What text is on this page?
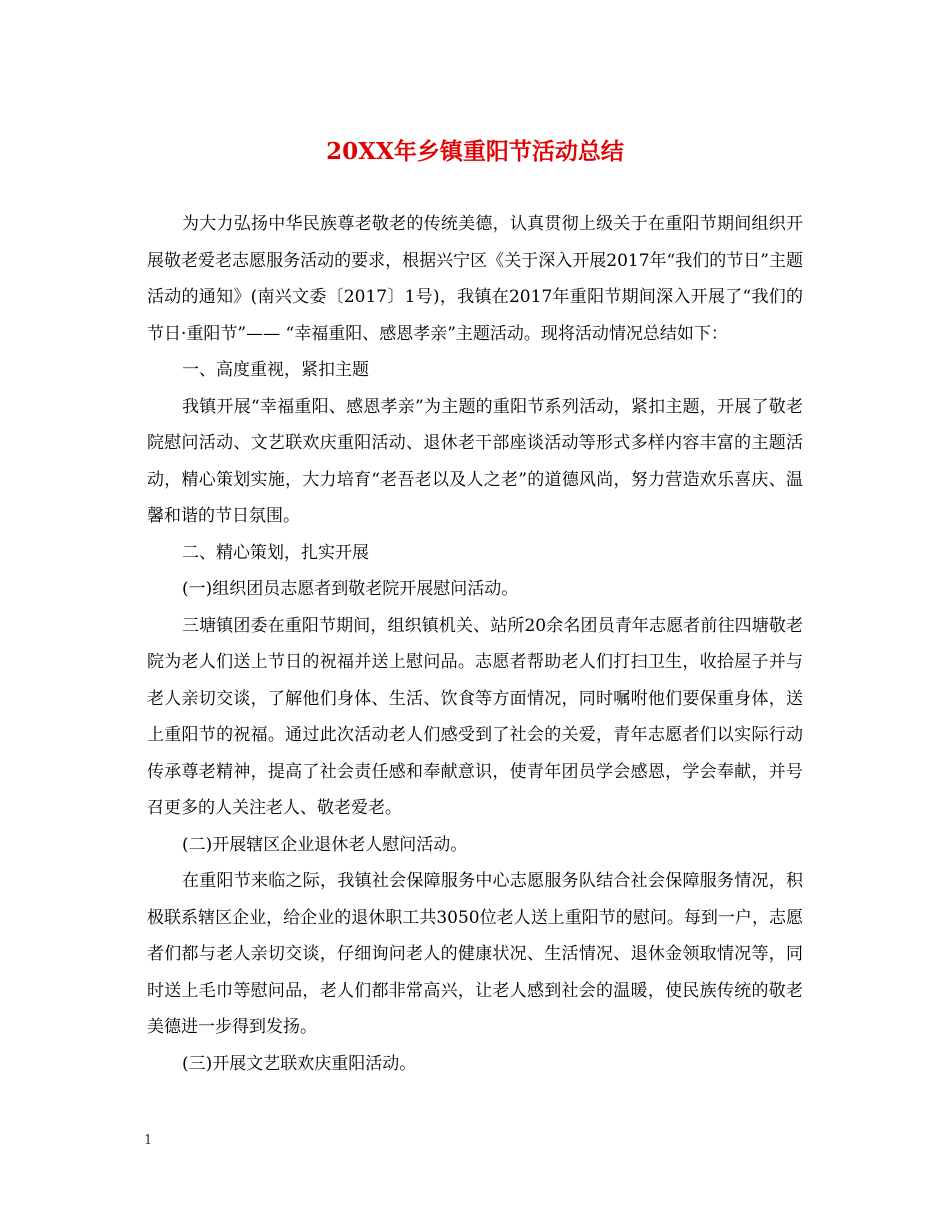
20XX年乡镇重阳节活动总结

为大力弘扬中华民族尊老敬老的传统美德，认真贯彻上级关于在重阳节期间组织开展敬老爱老志愿服务活动的要求，根据兴宁区《关于深入开展2017年“我们的节日”主题活动的通知》(南兴文委〔2017〕1号)，我镇在2017年重阳节期间深入开展了“我们的节日·重阳节”—— “幸福重阳、感恩孝亲”主题活动。现将活动情况总结如下：

一、高度重视，紧扣主题

我镇开展“幸福重阳、感恩孝亲”为主题的重阳节系列活动，紧扣主题，开展了敬老院慰问活动、文艺联欢庆重阳活动、退休老干部座谈活动等形式多样内容丰富的主题活动，精心策划实施，大力培育“老吾老以及人之老”的道德风尚，努力营造欢乐喜庆、温馨和谐的节日氛围。

二、精心策划，扎实开展

(一)组织团员志愿者到敬老院开展慰问活动。

三塘镇团委在重阳节期间，组织镇机关、站所20余名团员青年志愿者前往四塘敬老院为老人们送上节日的祝福并送上慰问品。志愿者帮助老人们打扫卫生，收拾屋子并与老人亲切交谈，了解他们身体、生活、饮食等方面情况，同时嘱咐他们要保重身体，送上重阳节的祝福。通过此次活动老人们感受到了社会的关爱，青年志愿者们以实际行动传承尊老精神，提高了社会责任感和奉献意识，使青年团员学会感恩，学会奉献，并号召更多的人关注老人、敬老爱老。

(二)开展辖区企业退休老人慰问活动。

在重阳节来临之际，我镇社会保障服务中心志愿服务队结合社会保障服务情况，积极联系辖区企业，给企业的退休职工共3050位老人送上重阳节的慰问。每到一户，志愿者们都与老人亲切交谈，仔细询问老人的健康状况、生活情况、退休金领取情况等，同时送上毛巾等慰问品，老人们都非常高兴，让老人感到社会的温暖，使民族传统的敬老美德进一步得到发扬。

(三)开展文艺联欢庆重阳活动。

1
